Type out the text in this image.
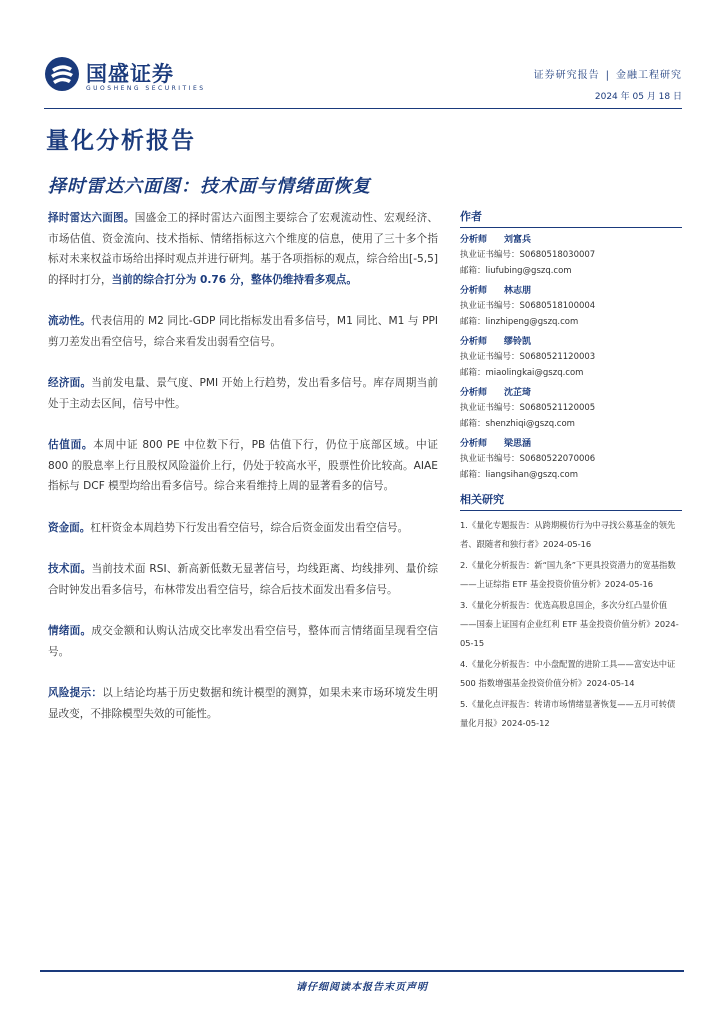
国盛证券
GUOSHENG SECURITIES
证券研究报告 | 金融工程研究
2024 年 05 月 18 日
量化分析报告
择时雷达六面图：技术面与情绪面恢复

择时雷达六面图。国盛金工的择时雷达六面图主要综合了宏观流动性、宏观经济、市场估值、资金流向、技术指标、情绪指标这六个维度的信息，使用了三十多个指标对未来权益市场给出择时观点并进行研判。基于各项指标的观点，综合给出[-5,5]的择时打分，当前的综合打分为 0.76 分，整体仍维持看多观点。

流动性。代表信用的 M2 同比-GDP 同比指标发出看多信号，M1 同比、M1 与 PPI 剪刀差发出看空信号，综合来看发出弱看空信号。

经济面。当前发电量、景气度、PMI 开始上行趋势，发出看多信号。库存周期当前处于主动去区间，信号中性。

估值面。本周中证 800 PE 中位数下行，PB 估值下行，仍位于底部区域。中证 800 的股息率上行且股权风险溢价上行，仍处于较高水平，股票性价比较高。AIAE 指标与 DCF 模型均给出看多信号。综合来看维持上周的显著看多的信号。

资金面。杠杆资金本周趋势下行发出看空信号，综合后资金面发出看空信号。

技术面。当前技术面 RSI、新高新低数无显著信号，均线距离、均线排列、量价综合时钟发出看多信号，布林带发出看空信号，综合后技术面发出看多信号。

情绪面。成交金额和认购认沽成交比率发出看空信号，整体而言情绪面呈现看空信号。

风险提示：以上结论均基于历史数据和统计模型的测算，如果未来市场环境发生明显改变，不排除模型失效的可能性。

作者
分析师 刘富兵
执业证书编号：S0680518030007
邮箱：liufubing@gszq.com
分析师 林志朋
执业证书编号：S0680518100004
邮箱：linzhipeng@gszq.com
分析师 缪铃凯
执业证书编号：S0680521120003
邮箱：miaolingkai@gszq.com
分析师 沈芷琦
执业证书编号：S0680521120005
邮箱：shenzhiqi@gszq.com
分析师 梁思涵
执业证书编号：S0680522070006
邮箱：liangsihan@gszq.com
相关研究
1.《量化专题报告：从跨期模仿行为中寻找公募基金的领先者、跟随者和独行者》2024-05-16
2.《量化分析报告：新“国九条”下更具投资潜力的宽基指数——上证综指 ETF 基金投资价值分析》2024-05-16
3.《量化分析报告：优选高股息国企，多次分红凸显价值——国泰上证国有企业红利 ETF 基金投资价值分析》2024-05-15
4.《量化分析报告：中小盘配置的进阶工具——富安达中证 500 指数增强基金投资价值分析》2024-05-14
5.《量化点评报告：转请市场情绪显著恢复——五月可转债量化月报》2024-05-12
请仔细阅读本报告末页声明
